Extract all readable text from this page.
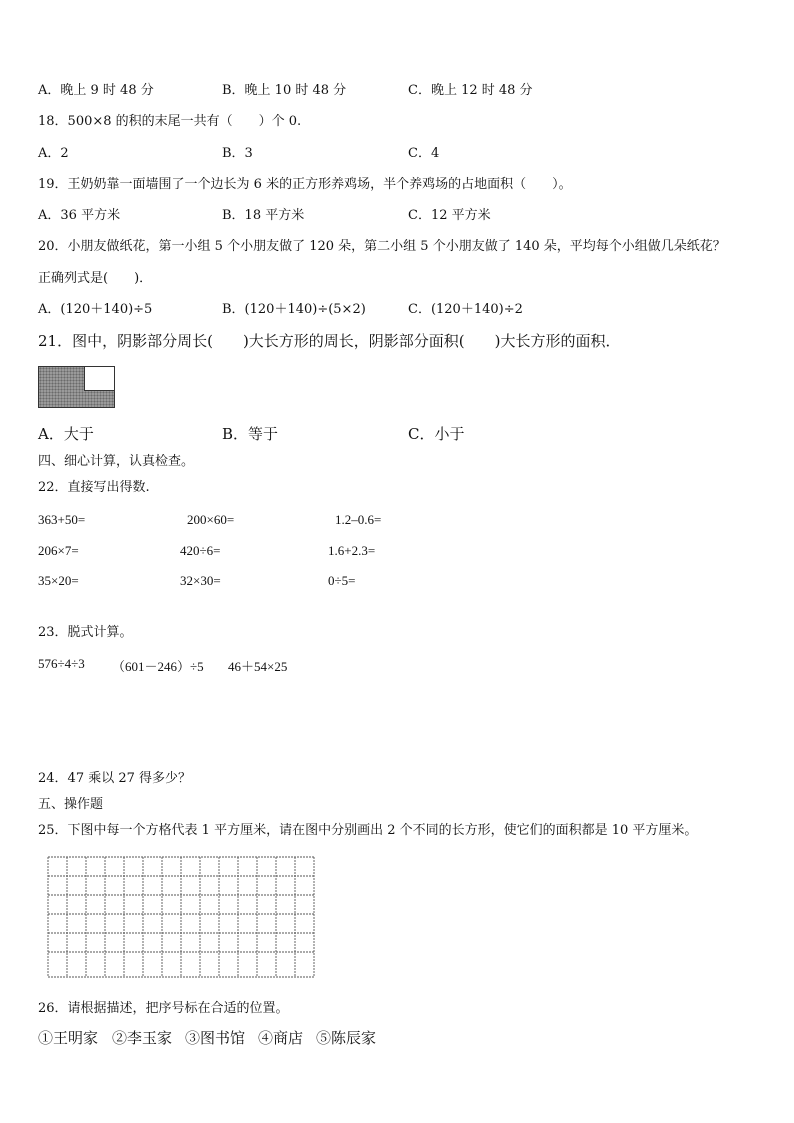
A．晚上 9 时 48 分	B．晚上 10 时 48 分	C．晚上 12 时 48 分
18．500×8 的积的末尾一共有（　　）个 0.
A．2	B．3	C．4
19．王奶奶靠一面墙围了一个边长为 6 米的正方形养鸡场，半个养鸡场的占地面积（　　）。
A．36 平方米	B．18 平方米	C．12 平方米
20．小朋友做纸花，第一小组 5 个小朋友做了 120 朵，第二小组 5 个小朋友做了 140 朵，平均每个小组做几朵纸花？
正确列式是(　　)．
A．(120＋140)÷5	B．(120＋140)÷(5×2)	C．(120＋140)÷2
21．图中，阴影部分周长(　　)大长方形的周长，阴影部分面积(　　)大长方形的面积．
A．大于	B．等于	C．小于
四、细心计算，认真检查。
22．直接写出得数.
363+50=	200×60=	1.2–0.6=
206×7=	420÷6=	1.6+2.3=
35×20=	32×30=	0÷5=
23．脱式计算。
576÷4÷3 （601－246）÷5 46＋54×25
24．47 乘以 27 得多少？
五、操作题
25．下图中每一个方格代表 1 平方厘米，请在图中分别画出 2 个不同的长方形，使它们的面积都是 10 平方厘米。
26．请根据描述，把序号标在合适的位置。
①王明家 ②李玉家 ③图书馆 ④商店 ⑤陈辰家
